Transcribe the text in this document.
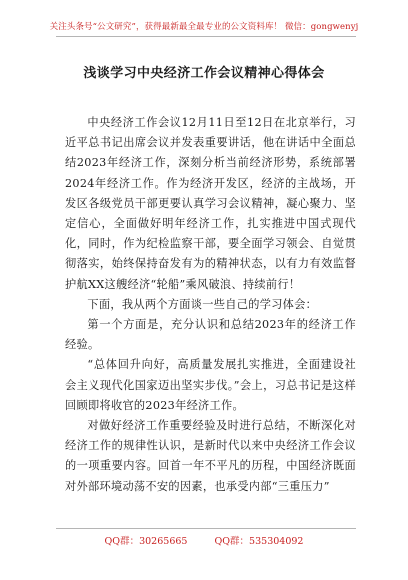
关注头条号“公文研究”，获得最新最全最专业的公文资料库！ 微信：gongwenyj
浅谈学习中央经济工作会议精神心得体会

中央经济工作会议12月11日至12日在北京举行，习近平总书记出席会议并发表重要讲话，他在讲话中全面总结2023年经济工作，深刻分析当前经济形势，系统部署2024年经济工作。作为经济开发区，经济的主战场，开发区各级党员干部更要认真学习会议精神，凝心聚力、坚定信心，全面做好明年经济工作，扎实推进中国式现代化，同时，作为纪检监察干部，要全面学习领会、自觉贯彻落实，始终保持奋发有为的精神状态，以有力有效监督护航XX这艘经济“轮船”乘风破浪、持续前行！

下面，我从两个方面谈一些自己的学习体会：

第一个方面是，充分认识和总结2023年的经济工作经验。

“总体回升向好，高质量发展扎实推进，全面建设社会主义现代化国家迈出坚实步伐。”会上，习总书记是这样回顾即将收官的2023年经济工作。

对做好经济工作重要经验及时进行总结，不断深化对经济工作的规律性认识，是新时代以来中央经济工作会议的一项重要内容。回首一年不平凡的历程，中国经济既面对外部环境动荡不安的因素，也承受内部“三重压力”

QQ群：30265665	QQ群：535304092
